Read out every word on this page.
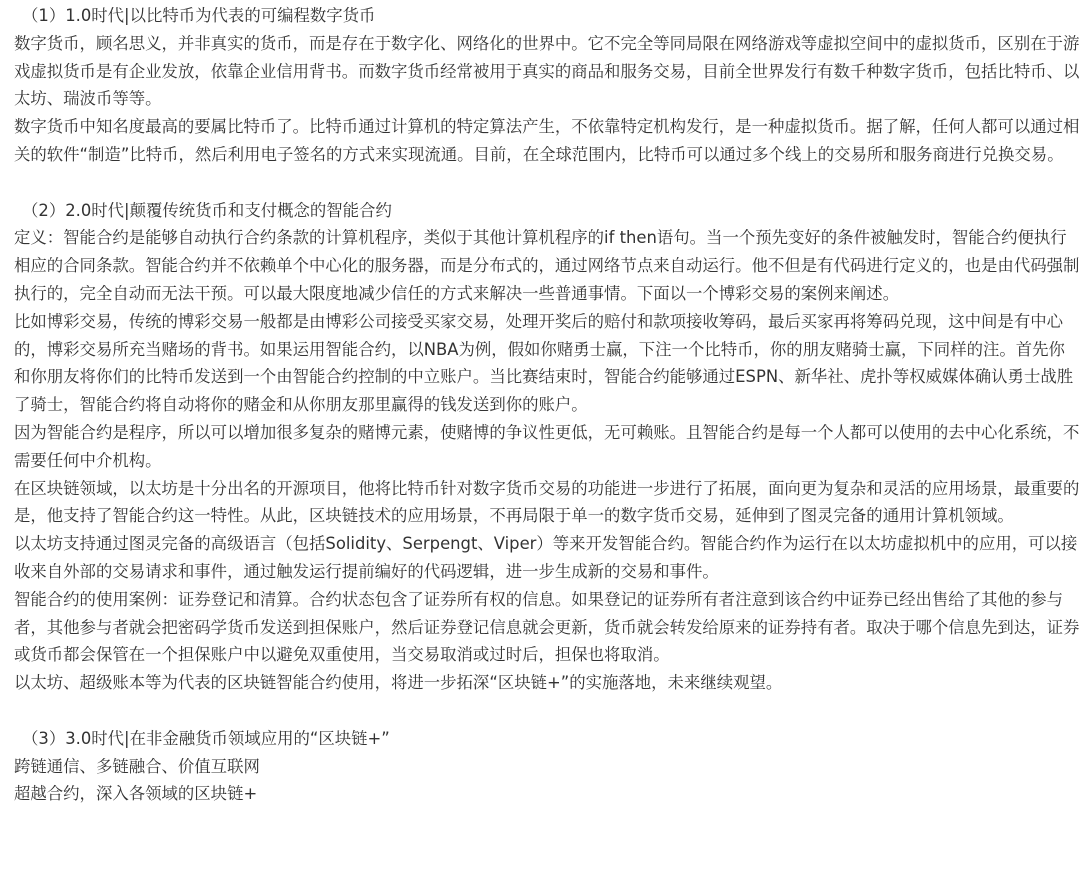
（1）1.0时代|以比特币为代表的可编程数字货币

数字货币，顾名思义，并非真实的货币，而是存在于数字化、网络化的世界中。它不完全等同局限在网络游戏等虚拟空间中的虚拟货币，区别在于游戏虚拟货币是有企业发放，依靠企业信用背书。而数字货币经常被用于真实的商品和服务交易，目前全世界发行有数千种数字货币，包括比特币、以太坊、瑞波币等等。

数字货币中知名度最高的要属比特币了。比特币通过计算机的特定算法产生，不依靠特定机构发行，是一种虚拟货币。据了解，任何人都可以通过相关的软件“制造”比特币，然后利用电子签名的方式来实现流通。目前，在全球范围内，比特币可以通过多个线上的交易所和服务商进行兑换交易。

（2）2.0时代|颠覆传统货币和支付概念的智能合约

定义：智能合约是能够自动执行合约条款的计算机程序，类似于其他计算机程序的if then语句。当一个预先变好的条件被触发时，智能合约便执行相应的合同条款。智能合约并不依赖单个中心化的服务器，而是分布式的，通过网络节点来自动运行。他不但是有代码进行定义的，也是由代码强制执行的，完全自动而无法干预。可以最大限度地减少信任的方式来解决一些普通事情。下面以一个博彩交易的案例来阐述。

比如博彩交易，传统的博彩交易一般都是由博彩公司接受买家交易，处理开奖后的赔付和款项接收筹码，最后买家再将筹码兑现，这中间是有中心的，博彩交易所充当赌场的背书。如果运用智能合约，以NBA为例，假如你赌勇士赢，下注一个比特币，你的朋友赌骑士赢，下同样的注。首先你和你朋友将你们的比特币发送到一个由智能合约控制的中立账户。当比赛结束时，智能合约能够通过ESPN、新华社、虎扑等权威媒体确认勇士战胜了骑士，智能合约将自动将你的赌金和从你朋友那里赢得的钱发送到你的账户。

因为智能合约是程序，所以可以增加很多复杂的赌博元素，使赌博的争议性更低，无可赖账。且智能合约是每一个人都可以使用的去中心化系统，不需要任何中介机构。

在区块链领域，以太坊是十分出名的开源项目，他将比特币针对数字货币交易的功能进一步进行了拓展，面向更为复杂和灵活的应用场景，最重要的是，他支持了智能合约这一特性。从此，区块链技术的应用场景，不再局限于单一的数字货币交易，延伸到了图灵完备的通用计算机领域。

以太坊支持通过图灵完备的高级语言（包括Solidity、Serpengt、Viper）等来开发智能合约。智能合约作为运行在以太坊虚拟机中的应用，可以接收来自外部的交易请求和事件，通过触发运行提前编好的代码逻辑，进一步生成新的交易和事件。

智能合约的使用案例：证券登记和清算。合约状态包含了证券所有权的信息。如果登记的证券所有者注意到该合约中证券已经出售给了其他的参与者，其他参与者就会把密码学货币发送到担保账户，然后证券登记信息就会更新，货币就会转发给原来的证券持有者。取决于哪个信息先到达，证券或货币都会保管在一个担保账户中以避免双重使用，当交易取消或过时后，担保也将取消。

以太坊、超级账本等为代表的区块链智能合约使用，将进一步拓深“区块链+”的实施落地，未来继续观望。

（3）3.0时代|在非金融货币领域应用的“区块链+”

跨链通信、多链融合、价值互联网

超越合约，深入各领域的区块链+
